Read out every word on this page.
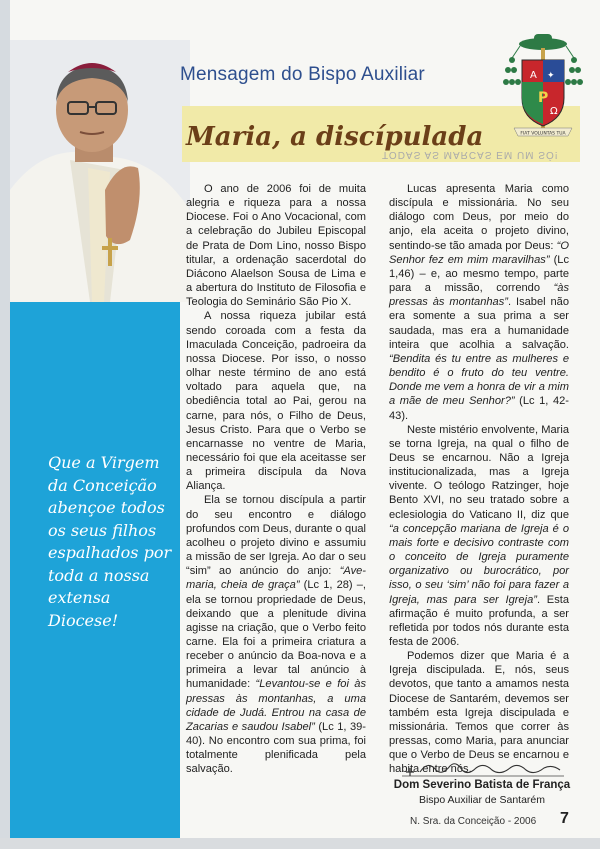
Mensagem do Bispo Auxiliar
Maria, a discípulada
TODAS AS MARCAS EM UM SÓ!
A ✦
P
Ω
FIAT VOLUNTAS TUA
Que a Virgem
da Conceição
abençoe todos
os seus filhos
espalhados por
toda a nossa
extensa
Diocese!

O ano de 2006 foi de muita alegria e riqueza para a nossa Diocese. Foi o Ano Vocacional, com a celebração do Jubileu Episcopal de Prata de Dom Lino, nosso Bispo titular, a ordenação sacerdotal do Diácono Alaelson Sousa de Lima e a abertura do Instituto de Filosofia e Teologia do Seminário São Pio X.

A nossa riqueza jubilar está sendo coroada com a festa da Imaculada Conceição, padroeira da nossa Diocese. Por isso, o nosso olhar neste término de ano está voltado para aquela que, na obediência total ao Pai, gerou na carne, para nós, o Filho de Deus, Jesus Cristo. Para que o Verbo se encarnasse no ventre de Maria, necessário foi que ela aceitasse ser a primeira discípula da Nova Aliança.

Ela se tornou discípula a partir do seu encontro e diálogo profundos com Deus, durante o qual acolheu o projeto divino e assumiu a missão de ser Igreja. Ao dar o seu “sim” ao anúncio do anjo: “Ave-maria, cheia de graça” (Lc 1, 28) –, ela se tornou propriedade de Deus, deixando que a plenitude divina agisse na criação, que o Verbo feito carne. Ela foi a primeira criatura a receber o anúncio da Boa-nova e a primeira a levar tal anúncio à humanidade: “Levantou-se e foi às pressas às montanhas, a uma cidade de Judá. Entrou na casa de Zacarias e saudou Isabel” (Lc 1, 39-40). No encontro com sua prima, foi totalmente plenificada pela salvação.

Lucas apresenta Maria como discípula e missionária. No seu diálogo com Deus, por meio do anjo, ela aceita o projeto divino, sentindo-se tão amada por Deus: “O Senhor fez em mim maravilhas” (Lc 1,46) – e, ao mesmo tempo, parte para a missão, correndo “às pressas às montanhas”. Isabel não era somente a sua prima a ser saudada, mas era a humanidade inteira que acolhia a salvação. “Bendita és tu entre as mulheres e bendito é o fruto do teu ventre. Donde me vem a honra de vir a mim a mãe de meu Senhor?” (Lc 1, 42-43).

Neste mistério envolvente, Maria se torna Igreja, na qual o filho de Deus se encarnou. Não a Igreja institucionalizada, mas a Igreja vivente. O teólogo Ratzinger, hoje Bento XVI, no seu tratado sobre a eclesiologia do Vaticano II, diz que “a concepção mariana de Igreja é o mais forte e decisivo contraste com o conceito de Igreja puramente organizativo ou burocrático, por isso, o seu ‘sim’ não foi para fazer a Igreja, mas para ser Igreja”. Esta afirmação é muito profunda, a ser refletida por todos nós durante esta festa de 2006.

Podemos dizer que Maria é a Igreja discipulada. E, nós, seus devotos, que tanto a amamos nesta Diocese de Santarém, devemos ser também esta Igreja discipulada e missionária. Temos que correr às pressas, como Maria, para anunciar que o Verbo de Deus se encarnou e habita entre nós.

Dom Severino Batista de França
Bispo Auxiliar de Santarém
N. Sra. da Conceição - 2006 7
